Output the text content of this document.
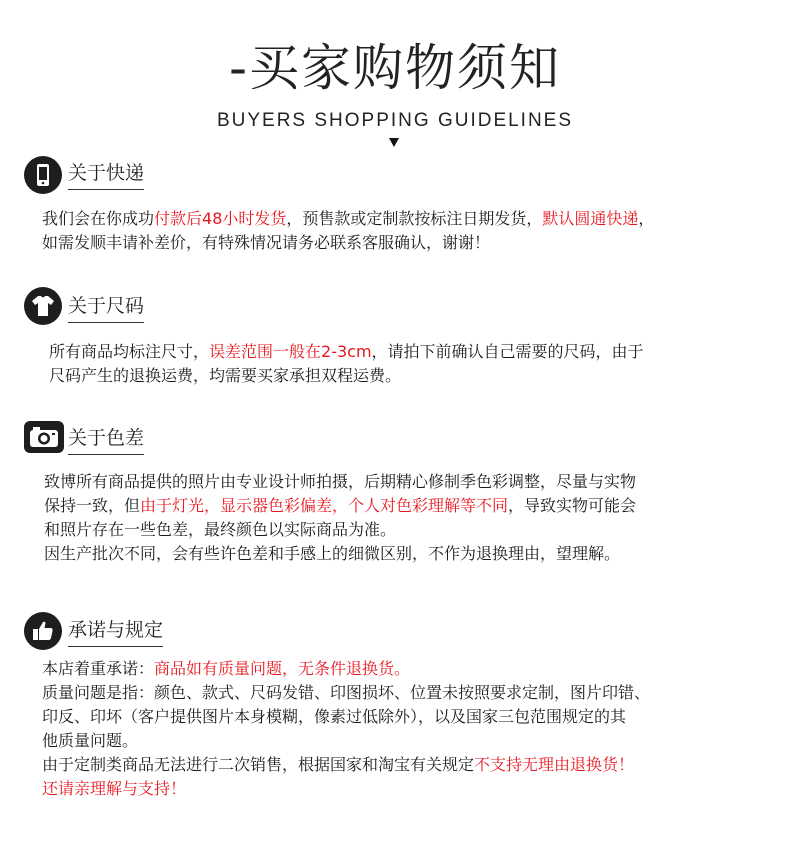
-买家购物须知
BUYERS SHOPPING GUIDELINES
关于快递
我们会在你成功付款后48小时发货，预售款或定制款按标注日期发货，默认圆通快递，
如需发顺丰请补差价，有特殊情况请务必联系客服确认，谢谢！
关于尺码
所有商品均标注尺寸，误差范围一般在2-3cm，请拍下前确认自己需要的尺码，由于
尺码产生的退换运费，均需要买家承担双程运费。
关于色差
致博所有商品提供的照片由专业设计师拍摄，后期精心修制季色彩调整，尽量与实物
保持一致，但由于灯光，显示器色彩偏差，个人对色彩理解等不同，导致实物可能会
和照片存在一些色差，最终颜色以实际商品为准。
因生产批次不同，会有些许色差和手感上的细微区别，不作为退换理由，望理解。
承诺与规定
本店着重承诺：商品如有质量问题，无条件退换货。
质量问题是指：颜色、款式、尺码发错、印图损坏、位置未按照要求定制，图片印错、
印反、印坏（客户提供图片本身模糊，像素过低除外），以及国家三包范围规定的其
他质量问题。
由于定制类商品无法进行二次销售，根据国家和淘宝有关规定不支持无理由退换货！
还请亲理解与支持！
